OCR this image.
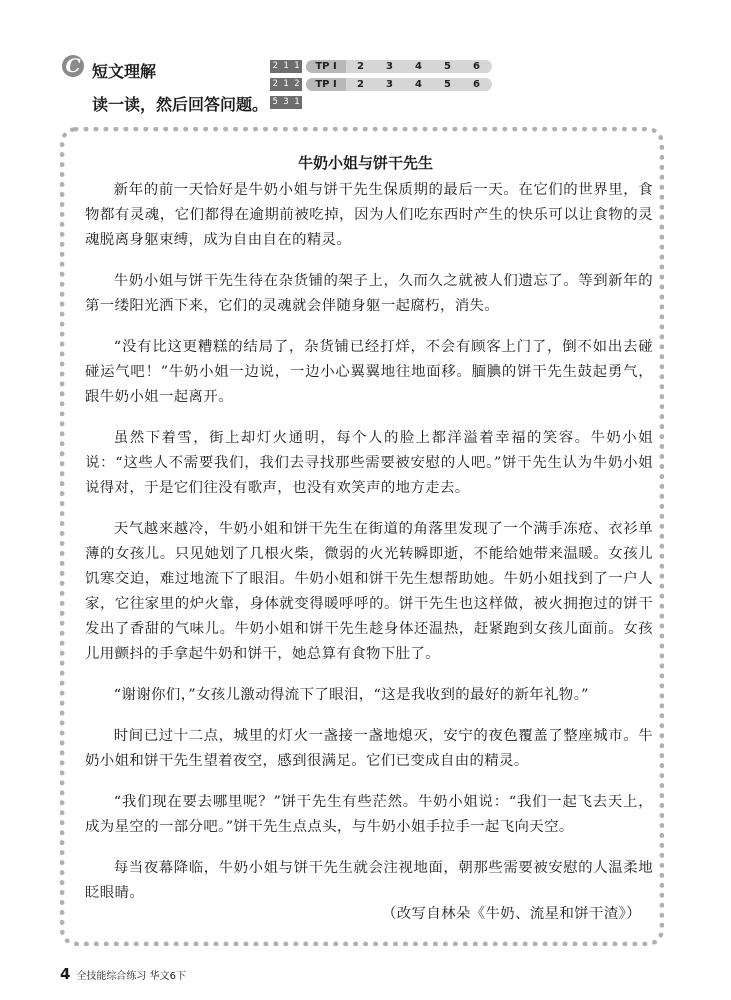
C 短文理解
读一读，然后回答问题。
2 1 1	TP I	2	3	4	5	6
2 1 2	TP I	2	3	4	5	6
5 3 1
牛奶小姐与饼干先生

新年的前一天恰好是牛奶小姐与饼干先生保质期的最后一天。在它们的世界里，食物都有灵魂，它们都得在逾期前被吃掉，因为人们吃东西时产生的快乐可以让食物的灵魂脱离身躯束缚，成为自由自在的精灵。

牛奶小姐与饼干先生待在杂货铺的架子上，久而久之就被人们遗忘了。等到新年的第一缕阳光洒下来，它们的灵魂就会伴随身躯一起腐朽，消失。

“没有比这更糟糕的结局了，杂货铺已经打烊，不会有顾客上门了，倒不如出去碰碰运气吧！”牛奶小姐一边说，一边小心翼翼地往地面移。腼腆的饼干先生鼓起勇气，跟牛奶小姐一起离开。

虽然下着雪，街上却灯火通明，每个人的脸上都洋溢着幸福的笑容。牛奶小姐说：“这些人不需要我们，我们去寻找那些需要被安慰的人吧。”饼干先生认为牛奶小姐说得对，于是它们往没有歌声，也没有欢笑声的地方走去。

天气越来越冷，牛奶小姐和饼干先生在街道的角落里发现了一个满手冻疮、衣衫单薄的女孩儿。只见她划了几根火柴，微弱的火光转瞬即逝，不能给她带来温暖。女孩儿饥寒交迫，难过地流下了眼泪。牛奶小姐和饼干先生想帮助她。牛奶小姐找到了一户人家，它往家里的炉火靠，身体就变得暖呼呼的。饼干先生也这样做，被火拥抱过的饼干发出了香甜的气味儿。牛奶小姐和饼干先生趁身体还温热，赶紧跑到女孩儿面前。女孩儿用颤抖的手拿起牛奶和饼干，她总算有食物下肚了。

“谢谢你们，”女孩儿激动得流下了眼泪，“这是我收到的最好的新年礼物。”

时间已过十二点，城里的灯火一盏接一盏地熄灭，安宁的夜色覆盖了整座城市。牛奶小姐和饼干先生望着夜空，感到很满足。它们已变成自由的精灵。

“我们现在要去哪里呢？”饼干先生有些茫然。牛奶小姐说：“我们一起飞去天上，成为星空的一部分吧。”饼干先生点点头，与牛奶小姐手拉手一起飞向天空。

每当夜幕降临，牛奶小姐与饼干先生就会注视地面，朝那些需要被安慰的人温柔地眨眼睛。

（改写自林朵《牛奶、流星和饼干渣》）
4 全技能综合练习 华文6下
